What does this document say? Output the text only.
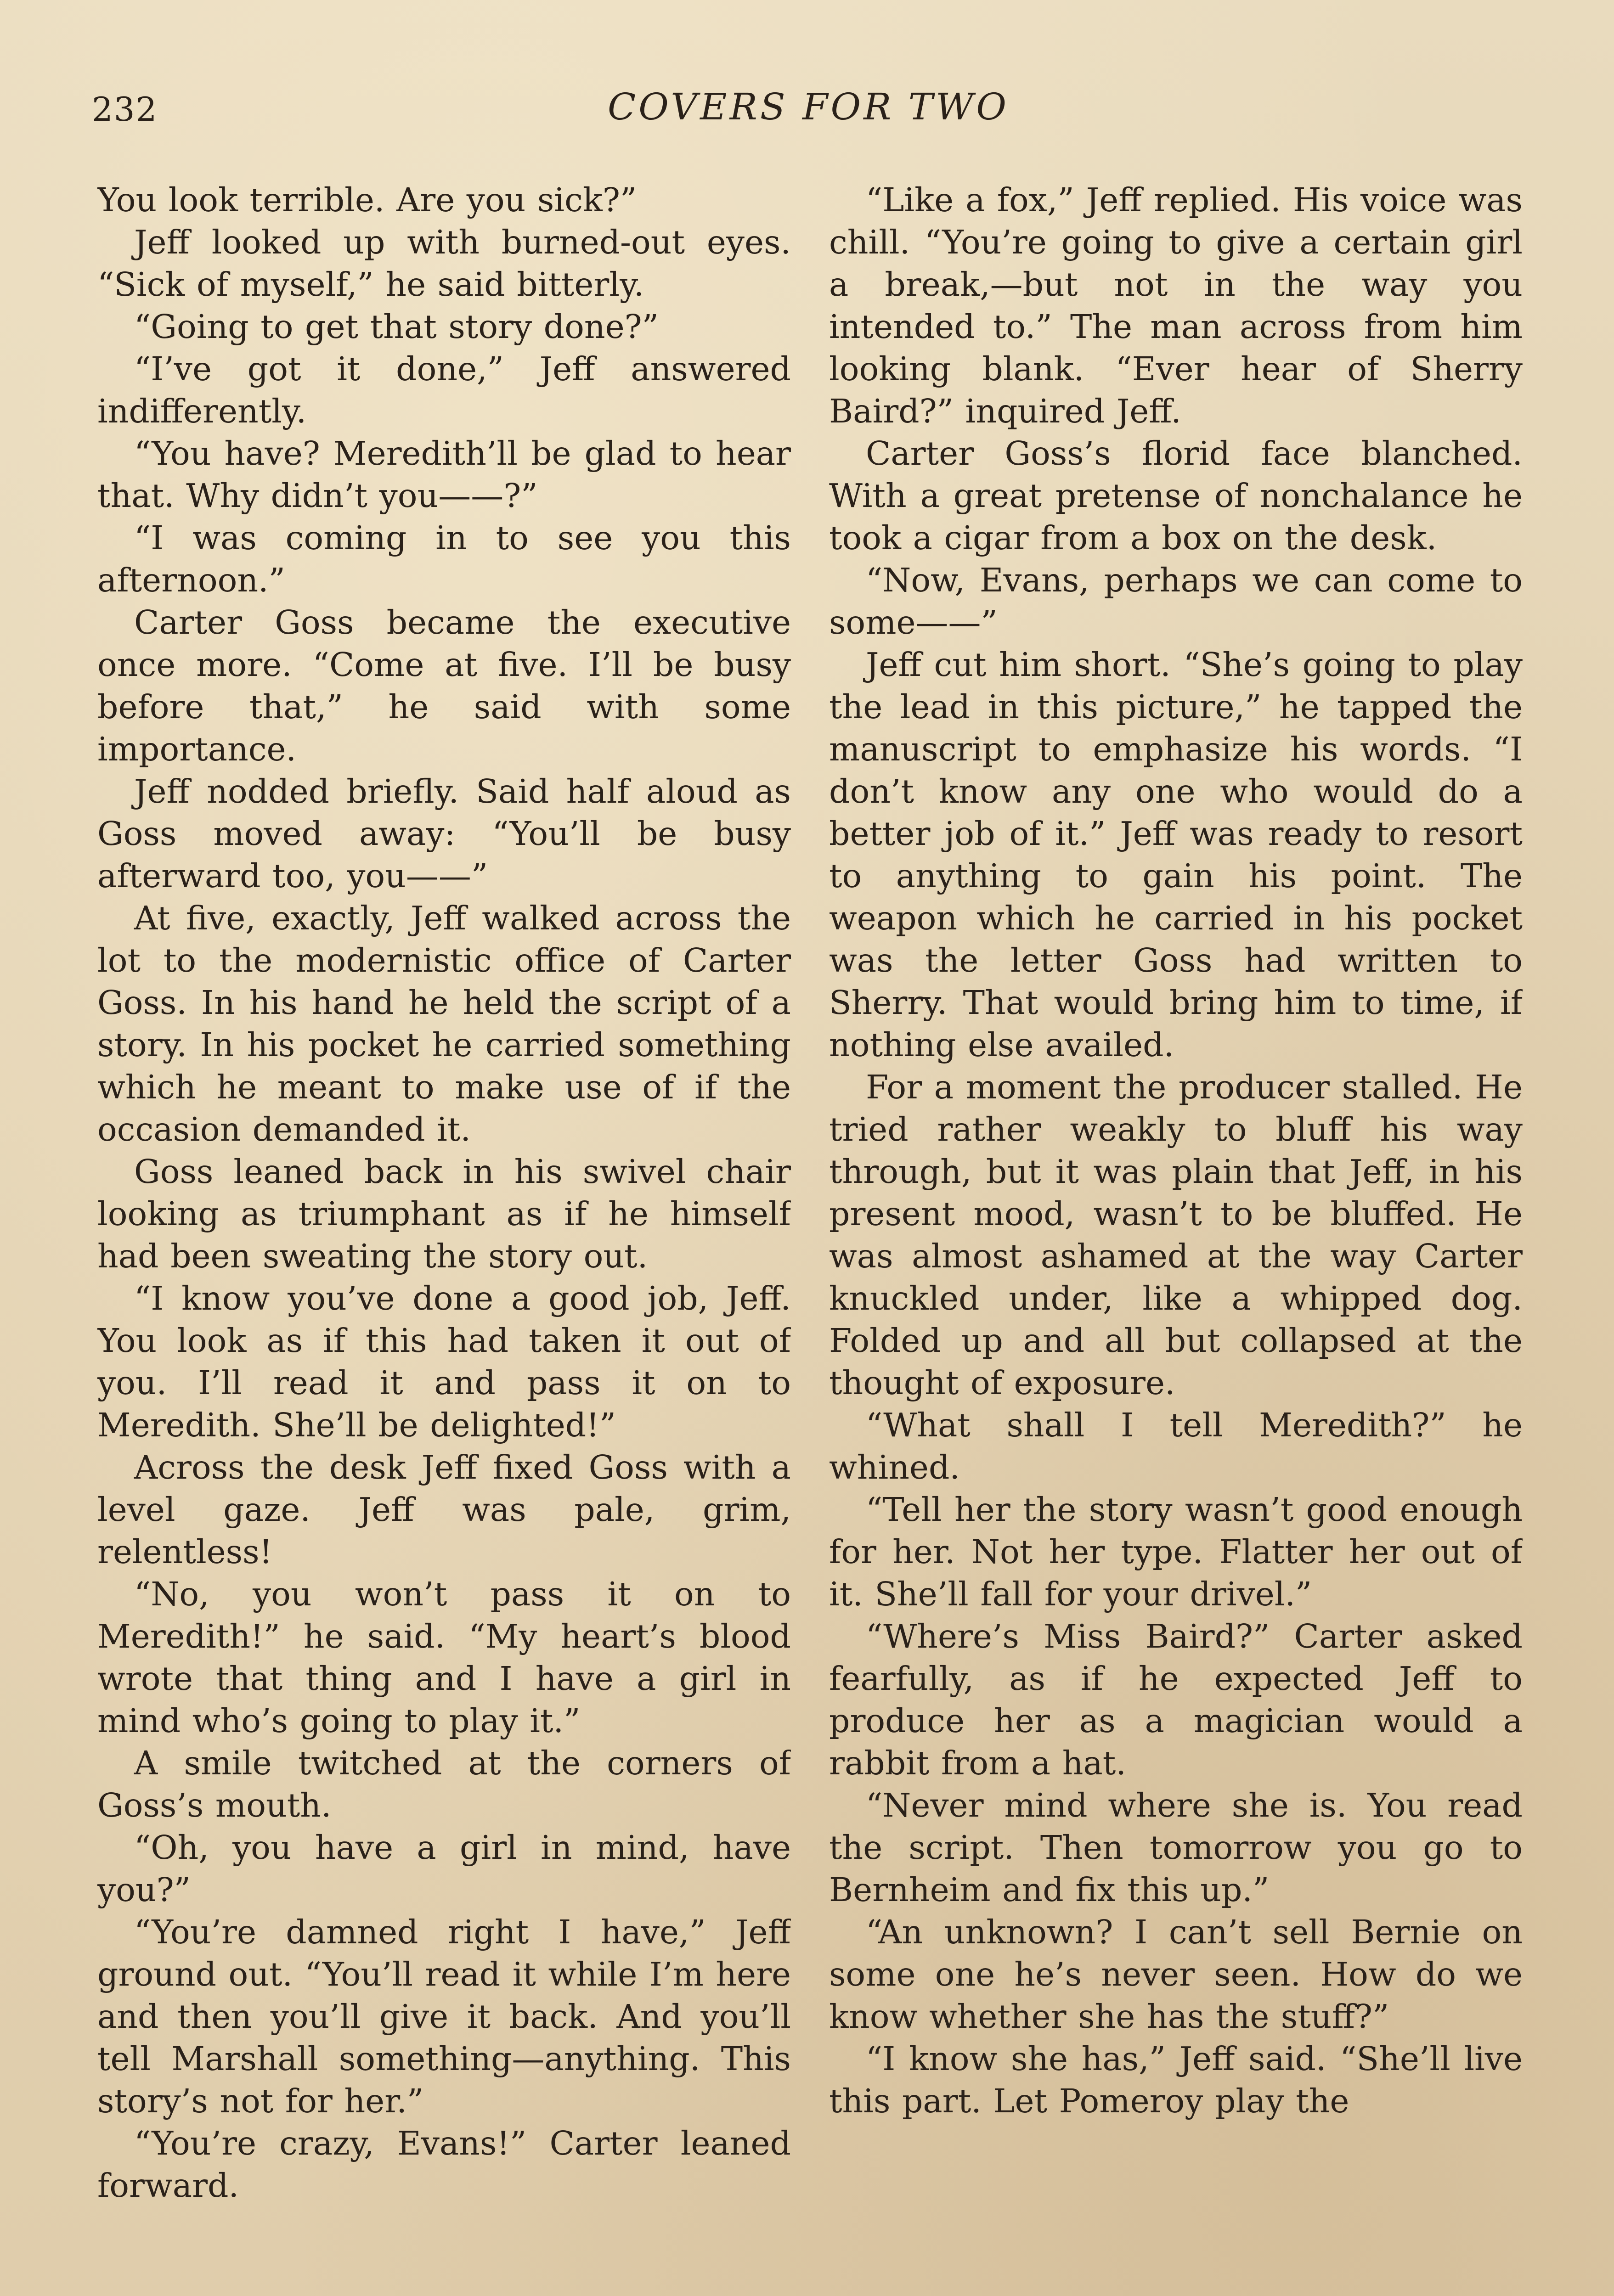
232	COVERS FOR TWO

You look terrible. Are you sick?”

Jeff looked up with burned-out eyes. “Sick of myself,” he said bitterly.

“Going to get that story done?”

“I’ve got it done,” Jeff answered indifferently.

“You have? Meredith’ll be glad to hear that. Why didn’t you——?”

“I was coming in to see you this afternoon.”

Carter Goss became the executive once more. “Come at five. I’ll be busy before that,” he said with some importance.

Jeff nodded briefly. Said half aloud as Goss moved away: “You’ll be busy afterward too, you——”

At five, exactly, Jeff walked across the lot to the modernistic office of Carter Goss. In his hand he held the script of a story. In his pocket he carried something which he meant to make use of if the occasion demanded it.

Goss leaned back in his swivel chair looking as triumphant as if he himself had been sweating the story out.

“I know you’ve done a good job, Jeff. You look as if this had taken it out of you. I’ll read it and pass it on to Meredith. She’ll be delighted!”

Across the desk Jeff fixed Goss with a level gaze. Jeff was pale, grim, relentless!

“No, you won’t pass it on to Meredith!” he said. “My heart’s blood wrote that thing and I have a girl in mind who’s going to play it.”

A smile twitched at the corners of Goss’s mouth.

“Oh, you have a girl in mind, have you?”

“You’re damned right I have,” Jeff ground out. “You’ll read it while I’m here and then you’ll give it back. And you’ll tell Marshall something—anything. This story’s not for her.”

“You’re crazy, Evans!” Carter leaned forward.

“Like a fox,” Jeff replied. His voice was chill. “You’re going to give a certain girl a break,—but not in the way you intended to.” The man across from him looking blank. “Ever hear of Sherry Baird?” inquired Jeff.

Carter Goss’s florid face blanched. With a great pretense of nonchalance he took a cigar from a box on the desk.

“Now, Evans, perhaps we can come to some——”

Jeff cut him short. “She’s going to play the lead in this picture,” he tapped the manuscript to emphasize his words. “I don’t know any one who would do a better job of it.” Jeff was ready to resort to anything to gain his point. The weapon which he carried in his pocket was the letter Goss had written to Sherry. That would bring him to time, if nothing else availed.

For a moment the producer stalled. He tried rather weakly to bluff his way through, but it was plain that Jeff, in his present mood, wasn’t to be bluffed. He was almost ashamed at the way Carter knuckled under, like a whipped dog. Folded up and all but collapsed at the thought of exposure.

“What shall I tell Meredith?” he whined.

“Tell her the story wasn’t good enough for her. Not her type. Flatter her out of it. She’ll fall for your drivel.”

“Where’s Miss Baird?” Carter asked fearfully, as if he expected Jeff to produce her as a magician would a rabbit from a hat.

“Never mind where she is. You read the script. Then tomorrow you go to Bernheim and fix this up.”

“An unknown? I can’t sell Bernie on some one he’s never seen. How do we know whether she has the stuff?”

“I know she has,” Jeff said. “She’ll live this part. Let Pomeroy play the
